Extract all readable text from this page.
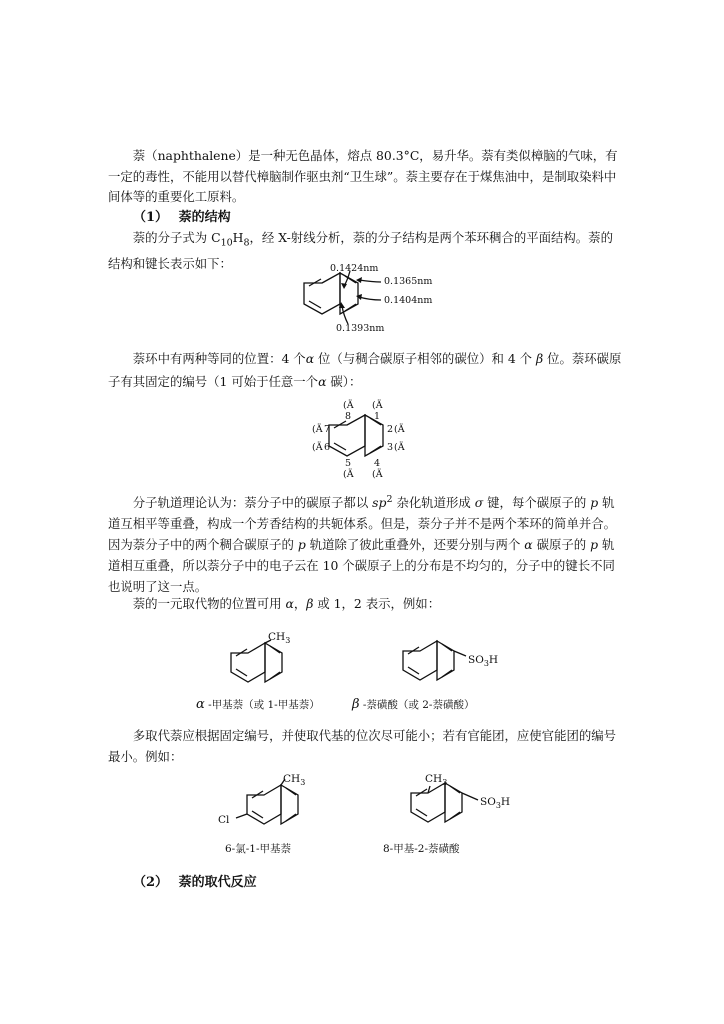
萘（naphthalene）是一种无色晶体，熔点 80.3°C，易升华。萘有类似樟脑的气味，有一定的毒性，不能用以替代樟脑制作驱虫剂“卫生球”。萘主要存在于煤焦油中，是制取染料中间体等的重要化工原料。

（1） 萘的结构

萘的分子式为 $C_{10}H_8$，经 X-射线分析，萘的分子结构是两个苯环稠合的平面结构。萘的结构和键长表示如下：	0.1424nm
0.1365nm
0.1404nm
0.1393nm

萘环中有两种等同的位置：4 个α 位（与稠合碳原子相邻的碳位）和 4 个 β 位。萘环碳原子有其固定的编号（1 可始于任意一个α 碳）：

(Ä (Ä
8 1
(Ä 7	2 (Ä
(Ä 6	3 (Ä
5 4
(Ä (Ä

分子轨道理论认为：萘分子中的碳原子都以 $sp^2$ 杂化轨道形成 σ 键，每个碳原子的 p 轨道互相平等重叠，构成一个芳香结构的共轭体系。但是，萘分子并不是两个苯环的简单并合。因为萘分子中的两个稠合碳原子的 p 轨道除了彼此重叠外，还要分别与两个 α 碳原子的 p 轨道相互重叠，所以萘分子中的电子云在 10 个碳原子上的分布是不均匀的，分子中的键长不同也说明了这一点。

萘的一元取代物的位置可用 α，β 或 1，2 表示，例如：

$CH_3$
$SO_3H$
α -甲基萘（或 1-甲基萘） β -萘磺酸（或 2-萘磺酸）

多取代萘应根据固定编号，并使取代基的位次尽可能小；若有官能团，应使官能团的编号最小。例如：

$CH_3$
Cl
$CH_3$
$SO_3H$
6-氯-1-甲基萘	8-甲基-2-萘磺酸

（2） 萘的取代反应
